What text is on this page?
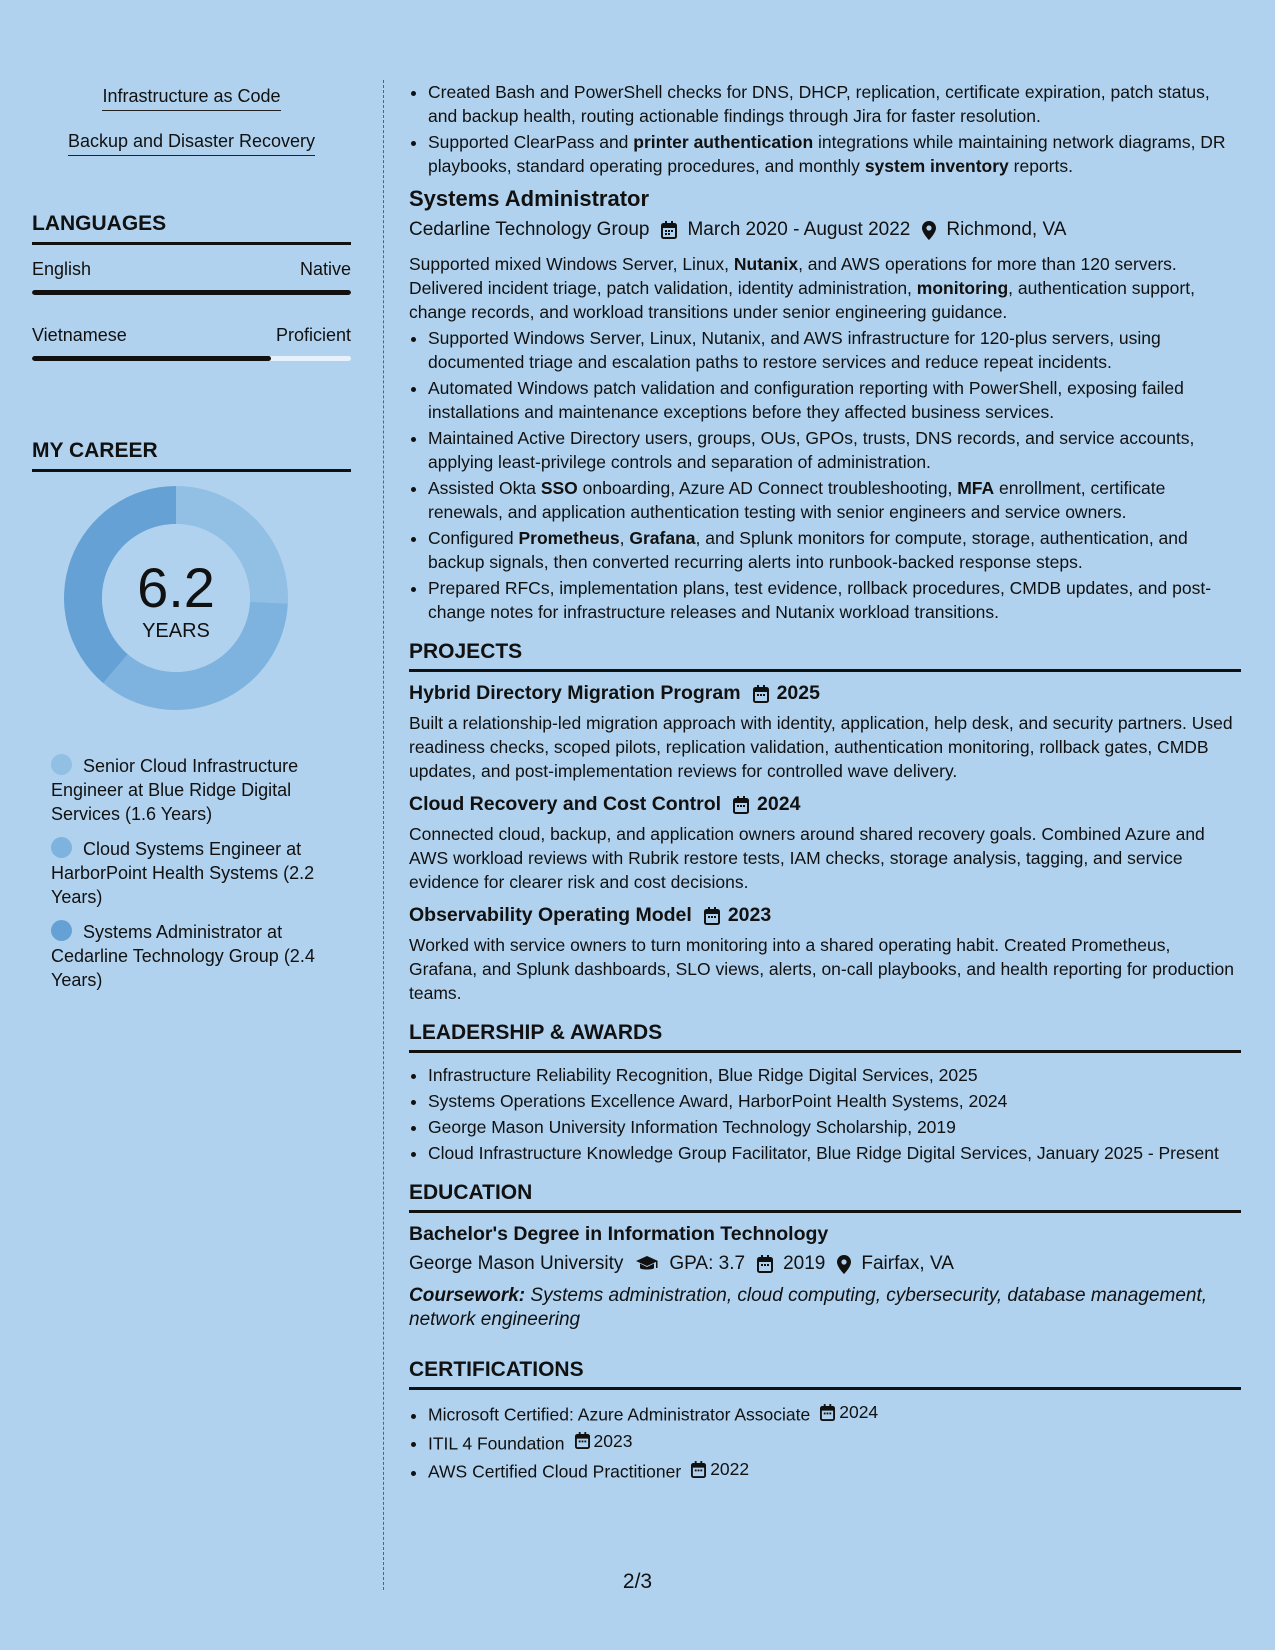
Infrastructure as Code
Backup and Disaster Recovery
LANGUAGES
English	Native
Vietnamese	Proficient
MY CAREER
6.2
YEARS
Senior Cloud Infrastructure Engineer at Blue Ridge Digital Services (1.6 Years)
Cloud Systems Engineer at HarborPoint Health Systems (2.2 Years)
Systems Administrator at Cedarline Technology Group (2.4 Years)
• Created Bash and PowerShell checks for DNS, DHCP, replication, certificate expiration, patch status, and backup health, routing actionable findings through Jira for faster resolution.
• Supported ClearPass and printer authentication integrations while maintaining network diagrams, DR playbooks, standard operating procedures, and monthly system inventory reports.
Systems Administrator
Cedarline Technology Group March 2020 - August 2022 Richmond, VA
Supported mixed Windows Server, Linux, Nutanix, and AWS operations for more than 120 servers. Delivered incident triage, patch validation, identity administration, monitoring, authentication support, change records, and workload transitions under senior engineering guidance.
• Supported Windows Server, Linux, Nutanix, and AWS infrastructure for 120-plus servers, using documented triage and escalation paths to restore services and reduce repeat incidents.
• Automated Windows patch validation and configuration reporting with PowerShell, exposing failed installations and maintenance exceptions before they affected business services.
• Maintained Active Directory users, groups, OUs, GPOs, trusts, DNS records, and service accounts, applying least-privilege controls and separation of administration.
• Assisted Okta SSO onboarding, Azure AD Connect troubleshooting, MFA enrollment, certificate renewals, and application authentication testing with senior engineers and service owners.
• Configured Prometheus, Grafana, and Splunk monitors for compute, storage, authentication, and backup signals, then converted recurring alerts into runbook-backed response steps.
• Prepared RFCs, implementation plans, test evidence, rollback procedures, CMDB updates, and post-change notes for infrastructure releases and Nutanix workload transitions.
PROJECTS
Hybrid Directory Migration Program 2025
Built a relationship-led migration approach with identity, application, help desk, and security partners. Used readiness checks, scoped pilots, replication validation, authentication monitoring, rollback gates, CMDB updates, and post-implementation reviews for controlled wave delivery.
Cloud Recovery and Cost Control 2024
Connected cloud, backup, and application owners around shared recovery goals. Combined Azure and AWS workload reviews with Rubrik restore tests, IAM checks, storage analysis, tagging, and service evidence for clearer risk and cost decisions.
Observability Operating Model 2023
Worked with service owners to turn monitoring into a shared operating habit. Created Prometheus, Grafana, and Splunk dashboards, SLO views, alerts, on-call playbooks, and health reporting for production teams.
LEADERSHIP & AWARDS
• Infrastructure Reliability Recognition, Blue Ridge Digital Services, 2025
• Systems Operations Excellence Award, HarborPoint Health Systems, 2024
• George Mason University Information Technology Scholarship, 2019
• Cloud Infrastructure Knowledge Group Facilitator, Blue Ridge Digital Services, January 2025 - Present
EDUCATION
Bachelor's Degree in Information Technology
George Mason University GPA: 3.7 2019 Fairfax, VA
Coursework: Systems administration, cloud computing, cybersecurity, database management, network engineering
CERTIFICATIONS
• Microsoft Certified: Azure Administrator Associate 2024
• ITIL 4 Foundation 2023
• AWS Certified Cloud Practitioner 2022
2/3
